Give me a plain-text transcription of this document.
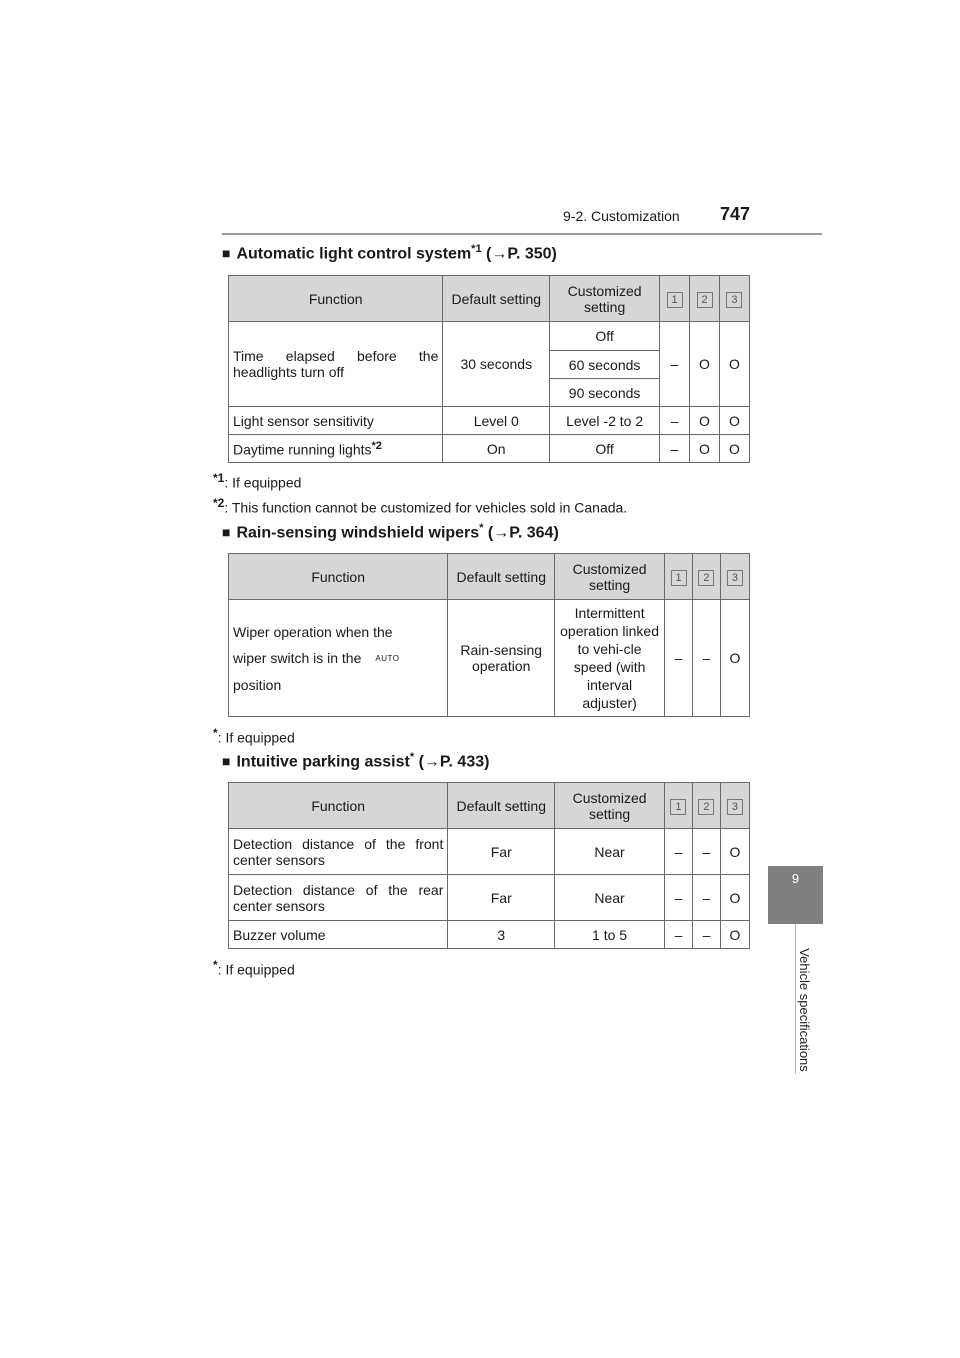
9-2. Customization 747
9
Vehicle specifications
■ Automatic light control system$^{*1}$ (→P. 350)
Function	Default setting	Customized setting	1	2	3
Time elapsed before the headlights turn off	30 seconds	Off	–	O	O
		60 seconds			
		90 seconds			
Light sensor sensitivity	Level 0	Level -2 to 2	–	O	O
Daytime running lights$^{*2}$	On	Off	–	O	O
$^{*1}$: If equipped
$^{*2}$: This function cannot be customized for vehicles sold in Canada.
■ Rain-sensing windshield wipers* (→P. 364)
Function	Default setting	Customized setting	1	2	3

Wiper operation when the
wiper switch is in the AUTO
position	Rain-sensing operation	Intermittent operation linked to vehi-cle speed (with interval adjuster)	–	–	O
*: If equipped
■ Intuitive parking assist* (→P. 433)
Function	Default setting	Customized setting	1	2	3
Detection distance of the front center sensors	Far	Near	–	–	O
Detection distance of the rear center sensors	Far	Near	–	–	O
Buzzer volume	3	1 to 5	–	–	O
*: If equipped
